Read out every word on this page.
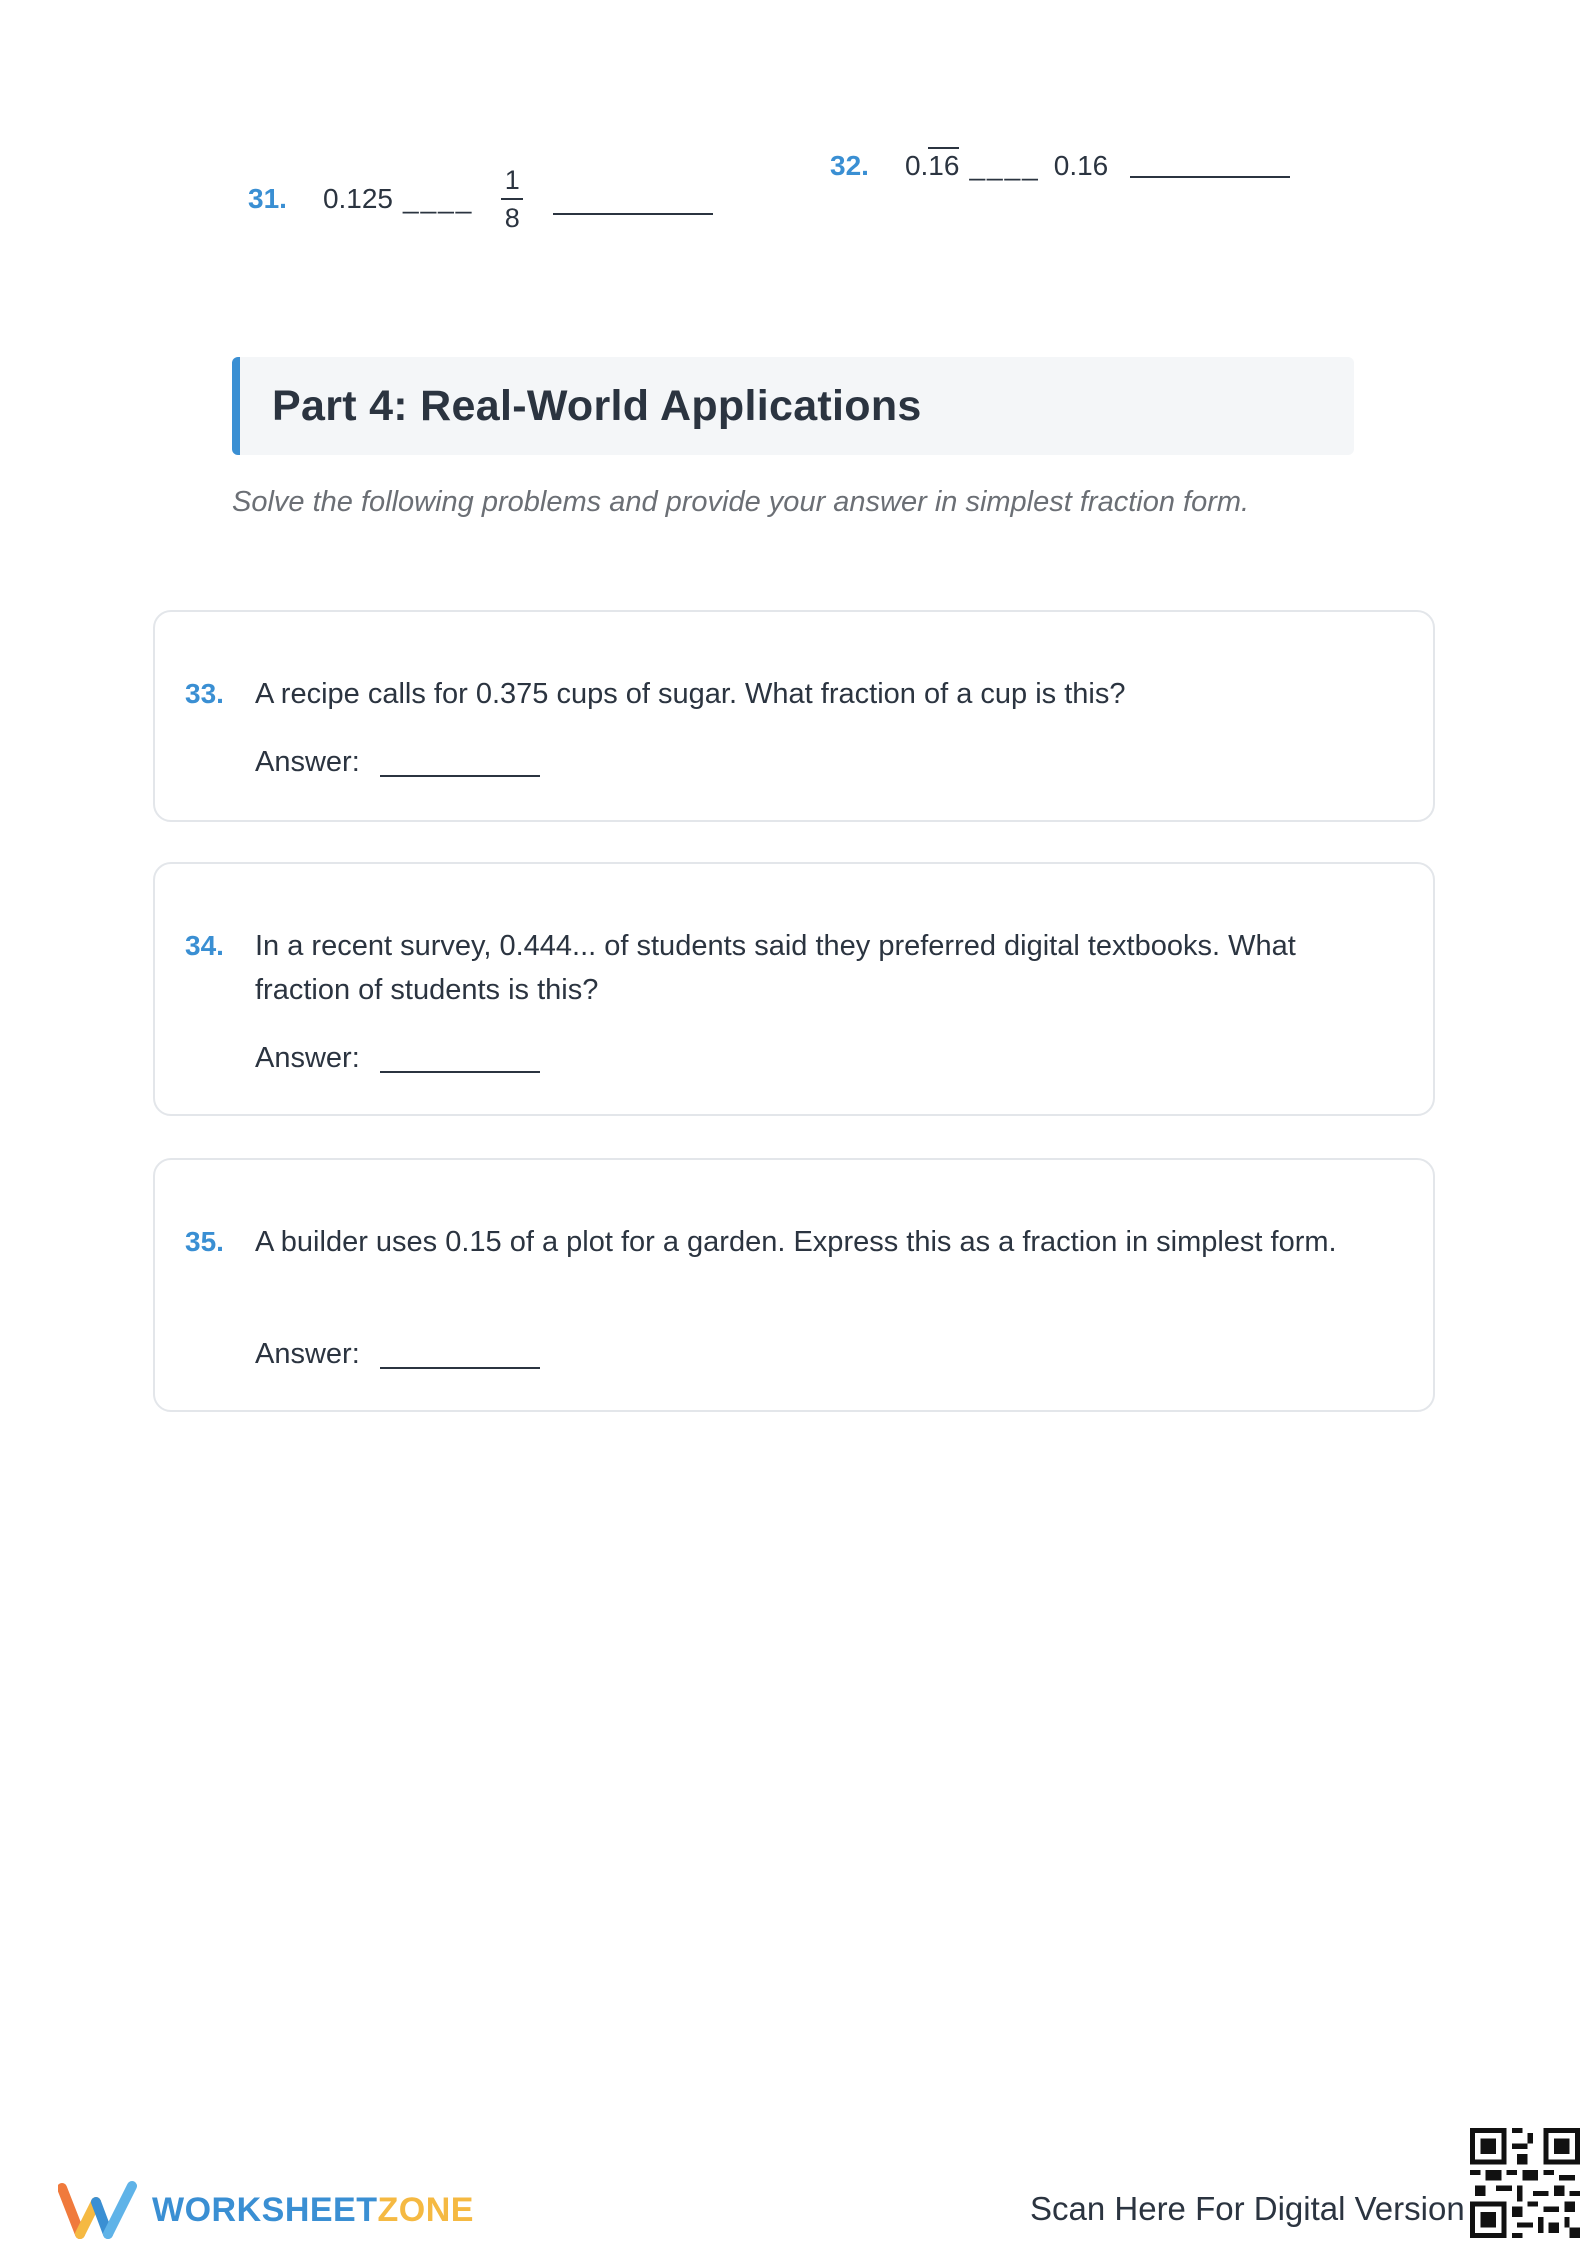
31. 0.125 ____ $\frac{1}{8}$	32. 0.16 ____ 0.16
Part 4: Real-World Applications
Solve the following problems and provide your answer in simplest fraction form.
33.	A recipe calls for 0.375 cups of sugar. What fraction of a cup is this?
Answer:
34.	In a recent survey, 0.444... of students said they preferred digital textbooks. What fraction of students is this?
Answer:
35.	A builder uses 0.15 of a plot for a garden. Express this as a fraction in simplest form.
Answer:
WORKSHEETZONE	Scan Here For Digital Version
